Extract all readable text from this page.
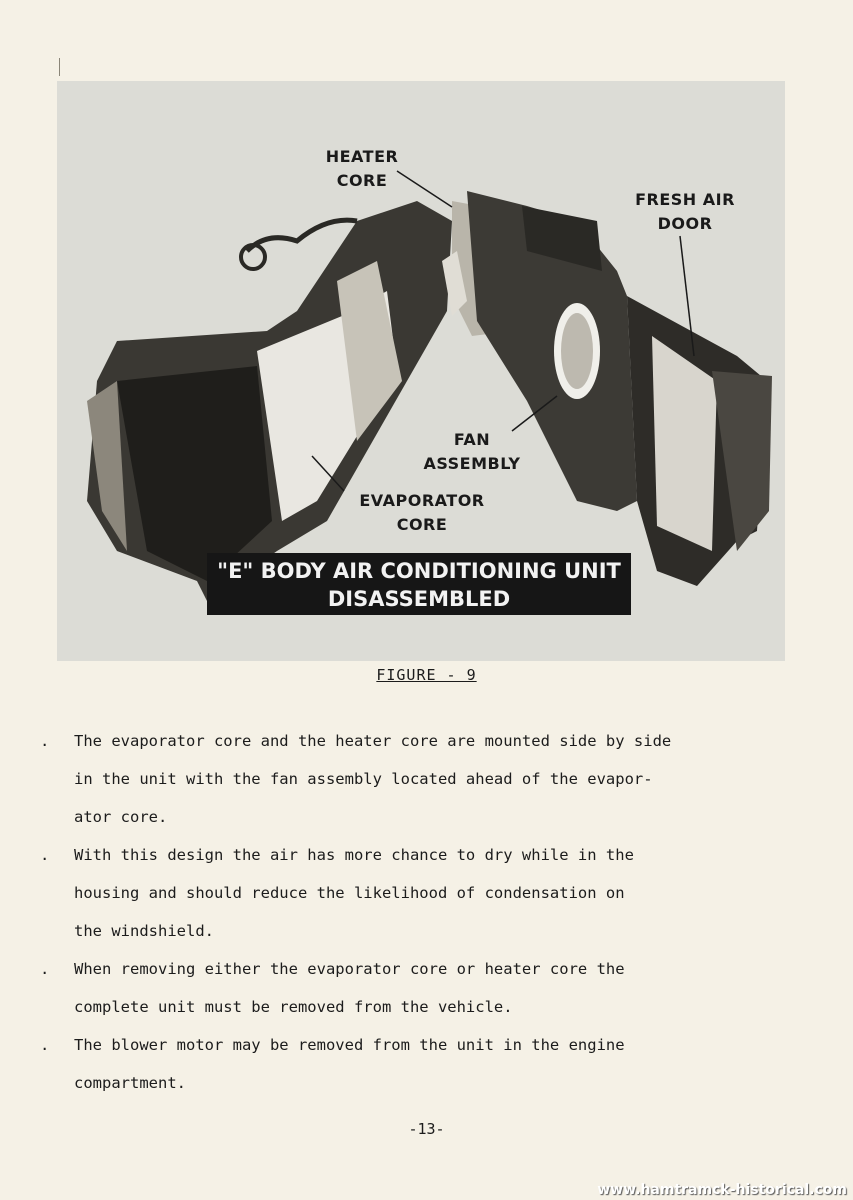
HEATER
CORE
FRESH AIR
DOOR
FAN
ASSEMBLY
EVAPORATOR
CORE
"E" BODY AIR CONDITIONING UNIT
DISASSEMBLED
FIGURE - 9
. The evaporator core and the heater core are mounted side by side
in the unit with the fan assembly located ahead of the evapor-
ator core.
. With this design the air has more chance to dry while in the
housing and should reduce the likelihood of condensation on
the windshield.
. When removing either the evaporator core or heater core the
complete unit must be removed from the vehicle.
. The blower motor may be removed from the unit in the engine
compartment.
-13-
www.hamtramck-historical.com
